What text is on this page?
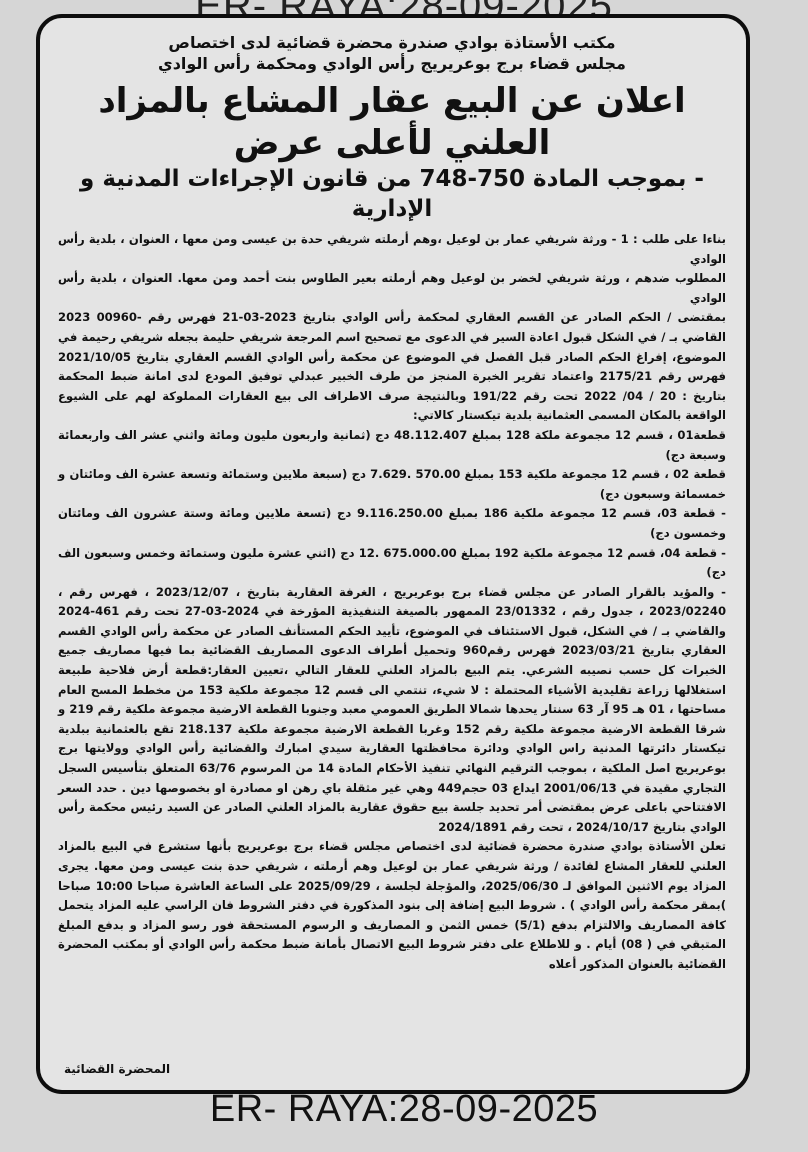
مكتب الأستاذة بوادي صندرة محضرة قضائية لدى اختصاص

مجلس قضاء برج بوعريريج رأس الوادي ومحكمة رأس الوادي

اعلان عن البيع عقار المشاع بالمزاد العلني لأعلى عرض

- بموجب المادة 750-748 من قانون الإجراءات المدنية و الإدارية

بناءا على طلب : 1 - ورثة شريفي عمار بن لوعيل ،وهم أرملته شريفي حدة بن عيسى ومن معها ، العنوان ، بلدية رأس الوادي

المطلوب ضدهم ، ورثة شريفي لخضر بن لوعيل وهم أرملته بعير الطاوس بنت أحمد ومن معها. العنوان ، بلدية رأس الوادي

بمقتضى / الحكم الصادر عن القسم العقاري لمحكمة رأس الوادي بتاريخ 2023-03-21 فهرس رقم -00960 2023 القاضي بـ / في الشكل قبول اعادة السير في الدعوى مع تصحيح اسم المرجعة شريفي حليمة بجعله شريفي رحيمة في الموضوع، إفراغ الحكم الصادر قبل الفصل في الموضوع عن محكمة رأس الوادي القسم العقاري بتاريخ 2021/10/05 فهرس رقم 2175/21 واعتماد تقرير الخبرة المنجز من طرف الخبير عبدلي توفيق المودع لدى امانة ضبط المحكمة بتاريخ : 20 / 04/ 2022 تحت رقم 191/22 وبالنتيجة صرف الاطراف الى بيع العقارات المملوكة لهم على الشيوع الواقعة بالمكان المسمى العثمانية بلدية تيكستار كالاتي:

قطعة01 ، قسم 12 مجموعة ملكة 128 بمبلغ 48.112.407 دج (ثمانية واربعون مليون ومائة واثني عشر الف واربعمائة وسبعة دج)

قطعة 02 ، قسم 12 مجموعة ملكية 153 بمبلغ 570.00 .7.629 دج (سبعة ملايين وستمائة وتسعة عشرة الف ومائتان و خمسمائة وسبعون دج)

- قطعة 03، قسم 12 مجموعة ملكية 186 بمبلغ 9.116.250.00 دج (تسعة ملايين ومائة وستة عشرون الف ومائتان وخمسون دج)

- قطعة 04، قسم 12 مجموعة ملكية 192 بمبلغ 675.000.00 .12 دج (اثني عشرة مليون وستمائة وخمس وسبعون الف دج)

- والمؤيد بالقرار الصادر عن مجلس قضاء برج بوعريريج ، الغرفة العقارية بتاريخ ، 2023/12/07 ، فهرس رقم ، 2023/02240 ، جدول رقم ، 23/01332 الممهور بالصيغة التنفيذية المؤرخة في 2024-03-27 تحت رقم 461-2024 والقاضي بـ / في الشكل، قبول الاستئناف في الموضوع، تأييد الحكم المستأنف الصادر عن محكمة رأس الوادي القسم العقاري بتاريخ 2023/03/21 فهرس رقم960 وتحميل أطراف الدعوى المصاريف القضائية بما فيها مصاريف جميع الخبرات كل حسب نصيبه الشرعي. يتم البيع بالمزاد العلني للعقار التالي ،تعيين العقار:قطعة أرض فلاحية طبيعة استغلالها زراعة تقليدية الأشياء المحتملة : لا شيء، تنتمي الى قسم 12 مجموعة ملكية 153 من مخطط المسح العام مساحتها ، 01 هـ 95 آر 63 سنتار يحدها شمالا الطريق العمومي معبد وجنوبا القطعة الارضية مجموعة ملكية رقم 219 و شرقا القطعة الارضية مجموعة ملكية رقم 152 وغربا القطعة الارضية مجموعة ملكية 218.137 تقع بالعثمانية ببلدية تيكستار دائرتها المدنية راس الوادي ودائرة محافظتها العقارية سيدي امبارك والقضائية رأس الوادي وولايتها برج بوعريريج اصل الملكية ، بموجب الترقيم النهائي تنفيذ الأحكام المادة 14 من المرسوم 63/76 المتعلق بتأسيس السجل التجاري مقيدة في 2001/06/13 ايداع 03 حجم449 وهي غير مثقلة باي رهن او مصادرة او بخصوصها دين . حدد السعر الافتتاحي باعلى عرض بمقتضى أمر تحديد جلسة بيع حقوق عقارية بالمزاد العلني الصادر عن السيد رئيس محكمة رأس الوادي بتاريخ 2024/10/17 ، تحت رقم 2024/1891

تعلن الأستاذة بوادي صندرة محضرة قضائية لدى اختصاص مجلس قضاء برج بوعريريج بأنها ستشرع في البيع بالمزاد العلني للعقار المشاع لفائدة / ورثة شريفي عمار بن لوعيل وهم أرملته ، شريفي حدة بنت عيسى ومن معها. يجرى المزاد يوم الاثنين الموافق لـ 2025/06/30، والمؤجلة لجلسة ، 2025/09/29 على الساعة العاشرة صباحا 10:00 صباحا )بمقر محكمة رأس الوادي ) . شروط البيع إضافة إلى بنود المذكورة في دفتر الشروط فان الراسي عليه المزاد يتحمل كافة المصاريف والالتزام بدفع (5/1) خمس الثمن و المصاريف و الرسوم المستحقة فور رسو المزاد و بدفع المبلغ المتبقي في ( 08) أيام . و للاطلاع على دفتر شروط البيع الاتصال بأمانة ضبط محكمة رأس الوادي أو بمكتب المحضرة القضائية بالعنوان المذكور أعلاه

المحضرة القضائية
ER- RAYA:28-09-2025
